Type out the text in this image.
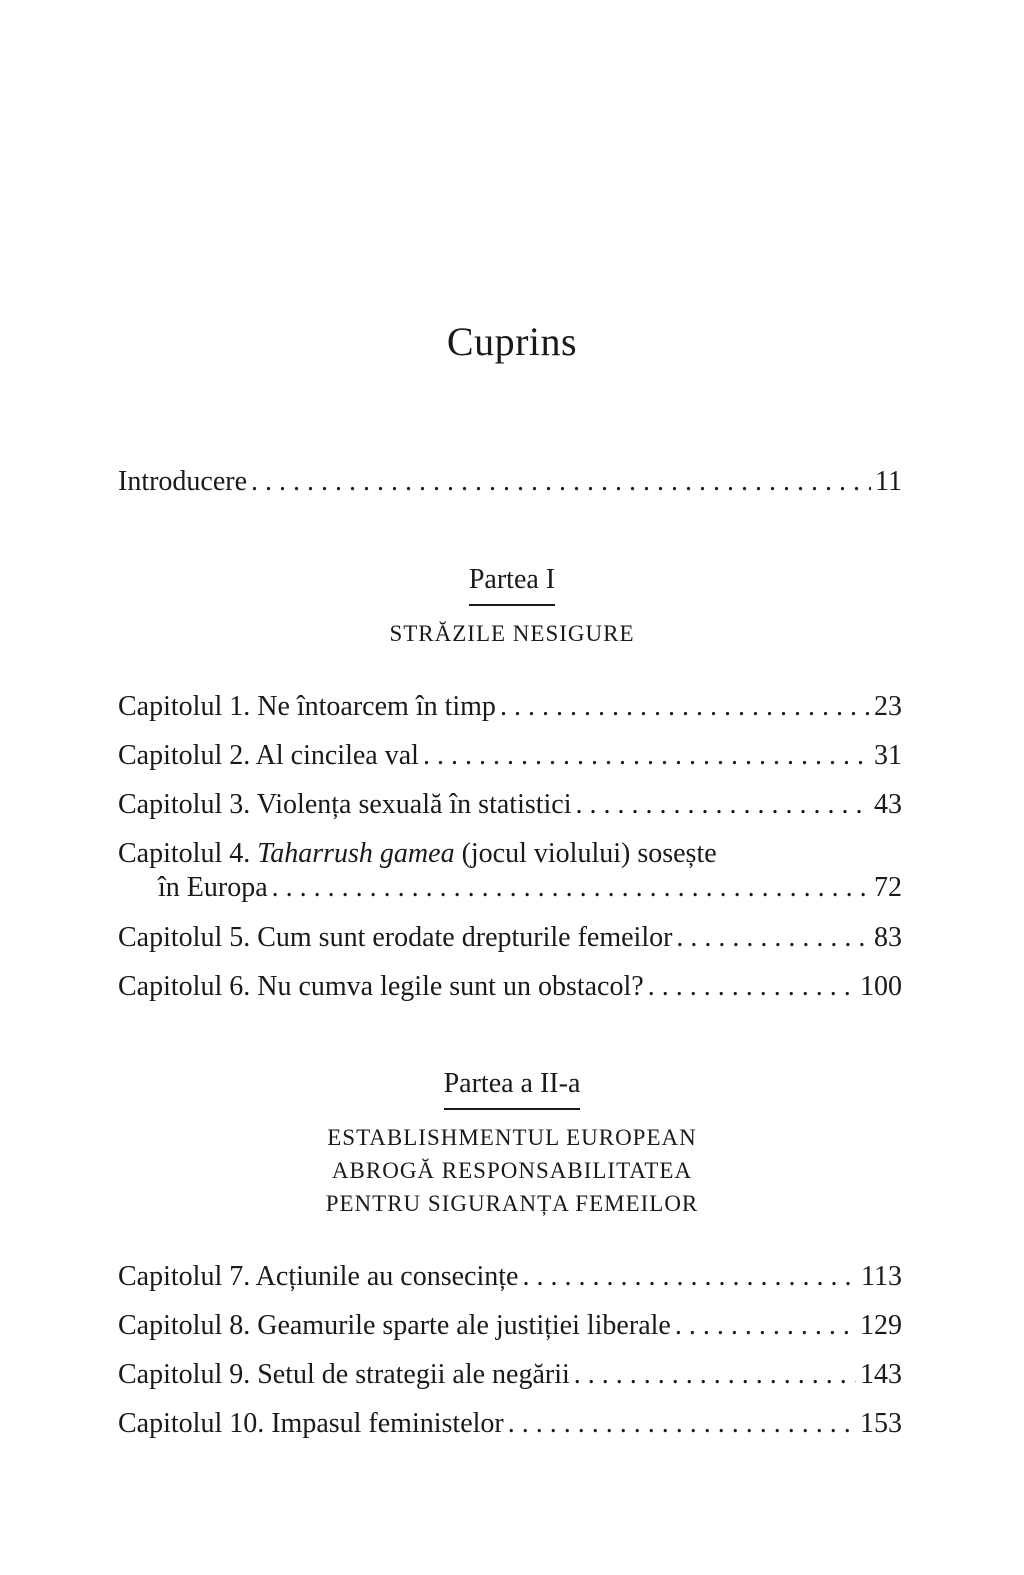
Cuprins
Introducere . . .	11
Partea I
STRĂZILE NESIGURE
Capitolul 1. Ne întoarcem în timp . . .	23
Capitolul 2. Al cincilea val . . .	31
Capitolul 3. Violența sexuală în statistici . . .	43
Capitolul 4. Taharrush gamea (jocul violului) sosește
în Europa . . .	72
Capitolul 5. Cum sunt erodate drepturile femeilor . . .	83
Capitolul 6. Nu cumva legile sunt un obstacol? . . .	100
Partea a II-a
ESTABLISHMENTUL EUROPEAN
ABROGĂ RESPONSABILITATEA
PENTRU SIGURANȚA FEMEILOR
Capitolul 7. Acțiunile au consecințe . . .	113
Capitolul 8. Geamurile sparte ale justiției liberale . . .	129
Capitolul 9. Setul de strategii ale negării . . .	143
Capitolul 10. Impasul feministelor . . .	153
